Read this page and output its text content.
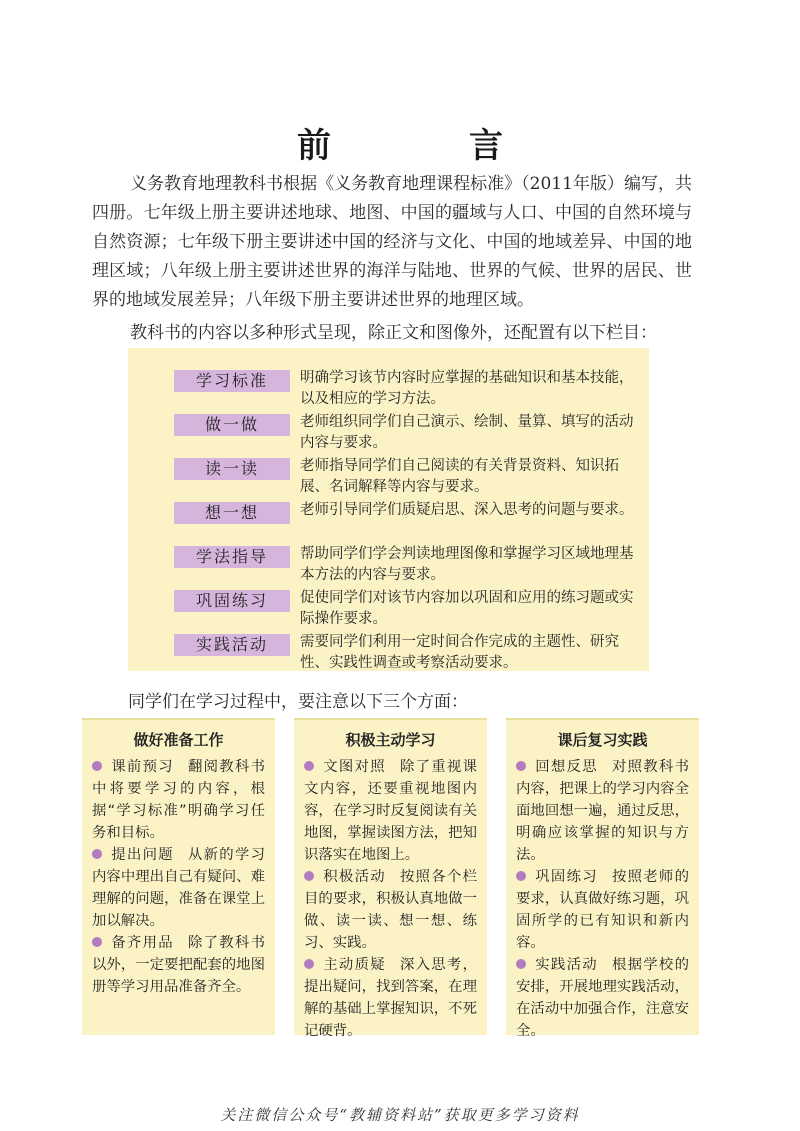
前　言
义务教育地理教科书根据《义务教育地理课程标准》（2011年版）编写，共四册。七年级上册主要讲述地球、地图、中国的疆域与人口、中国的自然环境与自然资源；七年级下册主要讲述中国的经济与文化、中国的地域差异、中国的地理区域；八年级上册主要讲述世界的海洋与陆地、世界的气候、世界的居民、世界的地域发展差异；八年级下册主要讲述世界的地理区域。
教科书的内容以多种形式呈现，除正文和图像外，还配置有以下栏目：
学习标准	明确学习该节内容时应掌握的基础知识和基本技能，以及相应的学习方法。
做一做	老师组织同学们自己演示、绘制、量算、填写的活动内容与要求。
读一读	老师指导同学们自己阅读的有关背景资料、知识拓展、名词解释等内容与要求。
想一想	老师引导同学们质疑启思、深入思考的问题与要求。
学法指导	帮助同学们学会判读地理图像和掌握学习区域地理基本方法的内容与要求。
巩固练习	促使同学们对该节内容加以巩固和应用的练习题或实际操作要求。
实践活动	需要同学们利用一定时间合作完成的主题性、研究性、实践性调查或考察活动要求。
同学们在学习过程中，要注意以下三个方面：
做好准备工作

课前预习 翻阅教科书中将要学习的内容，根据“学习标准”明确学习任务和目标。

提出问题 从新的学习内容中理出自己有疑问、难理解的问题，准备在课堂上加以解决。

备齐用品 除了教科书以外，一定要把配套的地图册等学习用品准备齐全。

积极主动学习

文图对照 除了重视课文内容，还要重视地图内容，在学习时反复阅读有关地图，掌握读图方法，把知识落实在地图上。

积极活动 按照各个栏目的要求，积极认真地做一做、读一读、想一想、练习、实践。

主动质疑 深入思考，提出疑问，找到答案，在理解的基础上掌握知识，不死记硬背。

课后复习实践

回想反思 对照教科书内容，把课上的学习内容全面地回想一遍，通过反思，明确应该掌握的知识与方法。

巩固练习 按照老师的要求，认真做好练习题，巩固所学的已有知识和新内容。

实践活动 根据学校的安排，开展地理实践活动，在活动中加强合作，注意安全。

关注微信公众号“教辅资料站”获取更多学习资料
